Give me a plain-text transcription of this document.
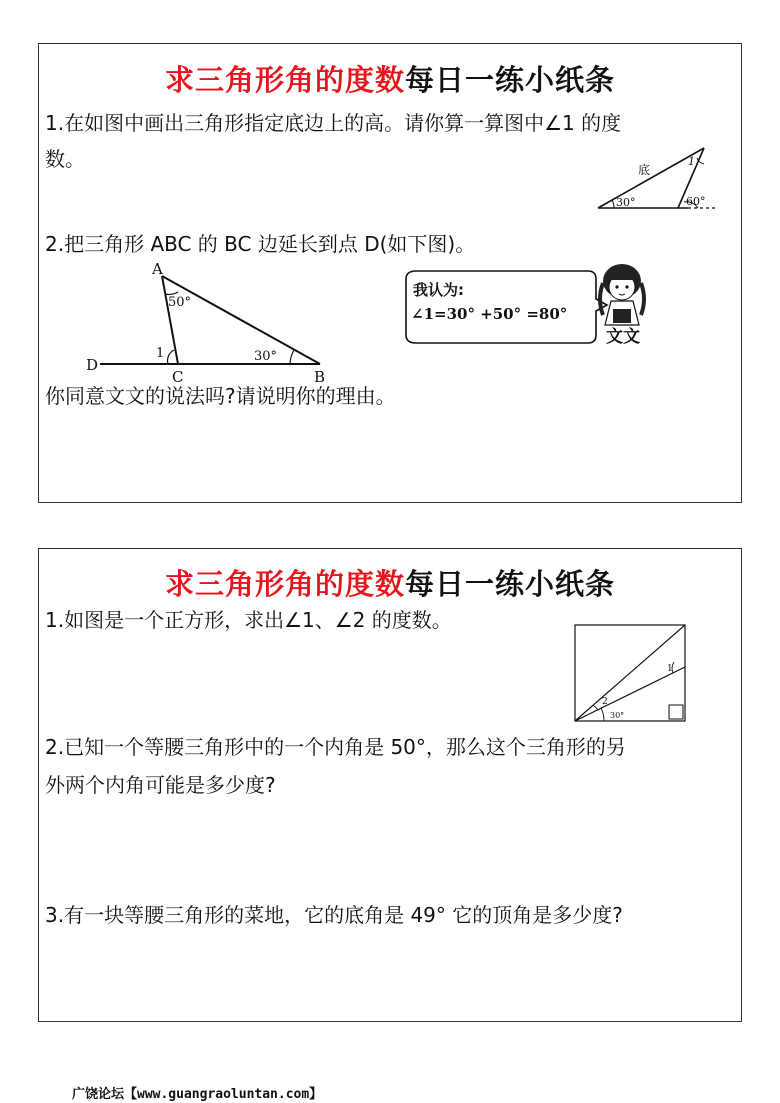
求三角形角的度数每日一练小纸条
1.在如图中画出三角形指定底边上的高。请你算一算图中∠1 的度
数。	底
1
30°	60°
2.把三角形 ABC 的 BC 边延长到点 D(如下图)。
A
B
C
D
50°
30°
1
我认为:
∠1=30° +50° =80°
文文
你同意文文的说法吗?请说明你的理由。
求三角形角的度数每日一练小纸条
1.如图是一个正方形，求出∠1、∠2 的度数。
1
2
30°
2.已知一个等腰三角形中的一个内角是 50°，那么这个三角形的另
外两个内角可能是多少度?
3.有一块等腰三角形的菜地，它的底角是 49° 它的顶角是多少度?
广饶论坛【www.guangraoluntan.com】
